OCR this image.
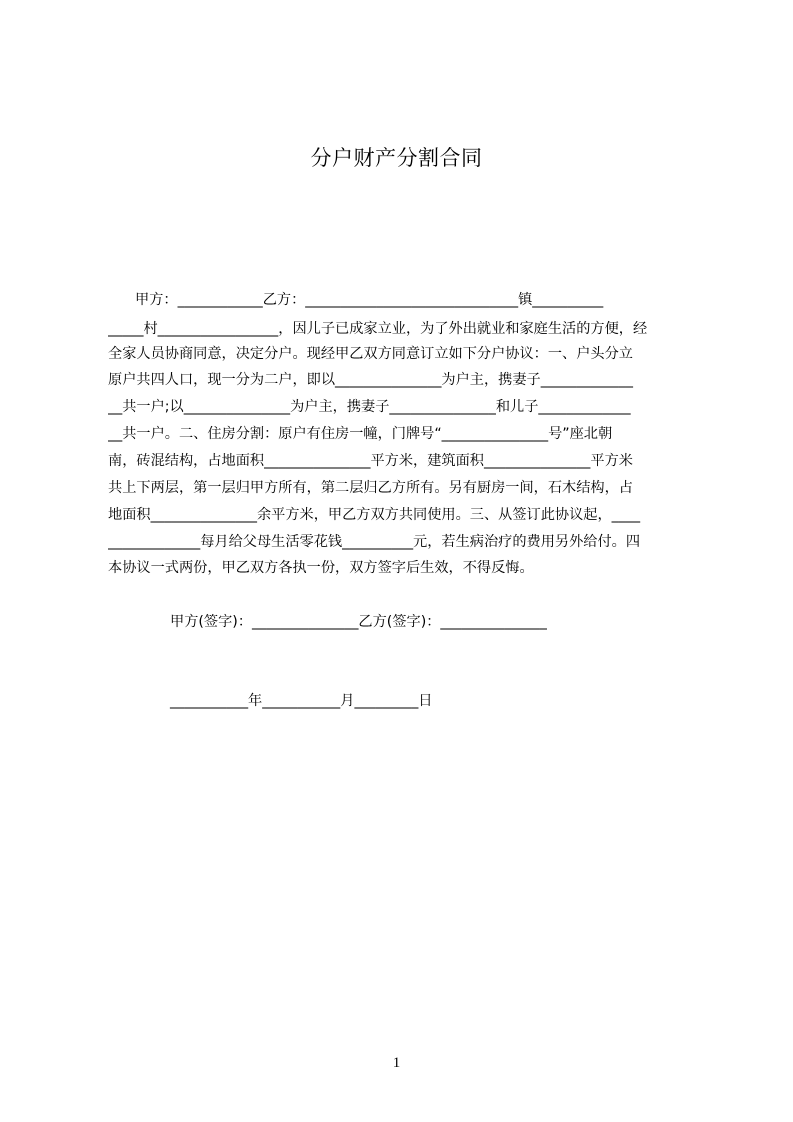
分户财产分割合同
甲方：____________乙方：______________________________镇__________
_____村_________________，因儿子已成家立业，为了外出就业和家庭生活的方便，经
全家人员协商同意，决定分户。现经甲乙双方同意订立如下分户协议：一、户头分立
原户共四人口，现一分为二户，即以_______________为户主，携妻子_____________
__共一户;以_______________为户主，携妻子_______________和儿子_____________
__共一户。二、住房分割：原户有住房一幢，门牌号“_______________号”座北朝
南，砖混结构，占地面积_______________平方米，建筑面积_______________平方米
共上下两层，第一层归甲方所有，第二层归乙方所有。另有厨房一间，石木结构，占
地面积_______________余平方米，甲乙方双方共同使用。三、从签订此协议起，____
_____________每月给父母生活零花钱__________元，若生病治疗的费用另外给付。四
本协议一式两份，甲乙双方各执一份，双方签字后生效，不得反悔。
甲方(签字)：_______________乙方(签字)：_______________
___________年___________月_________日
1
